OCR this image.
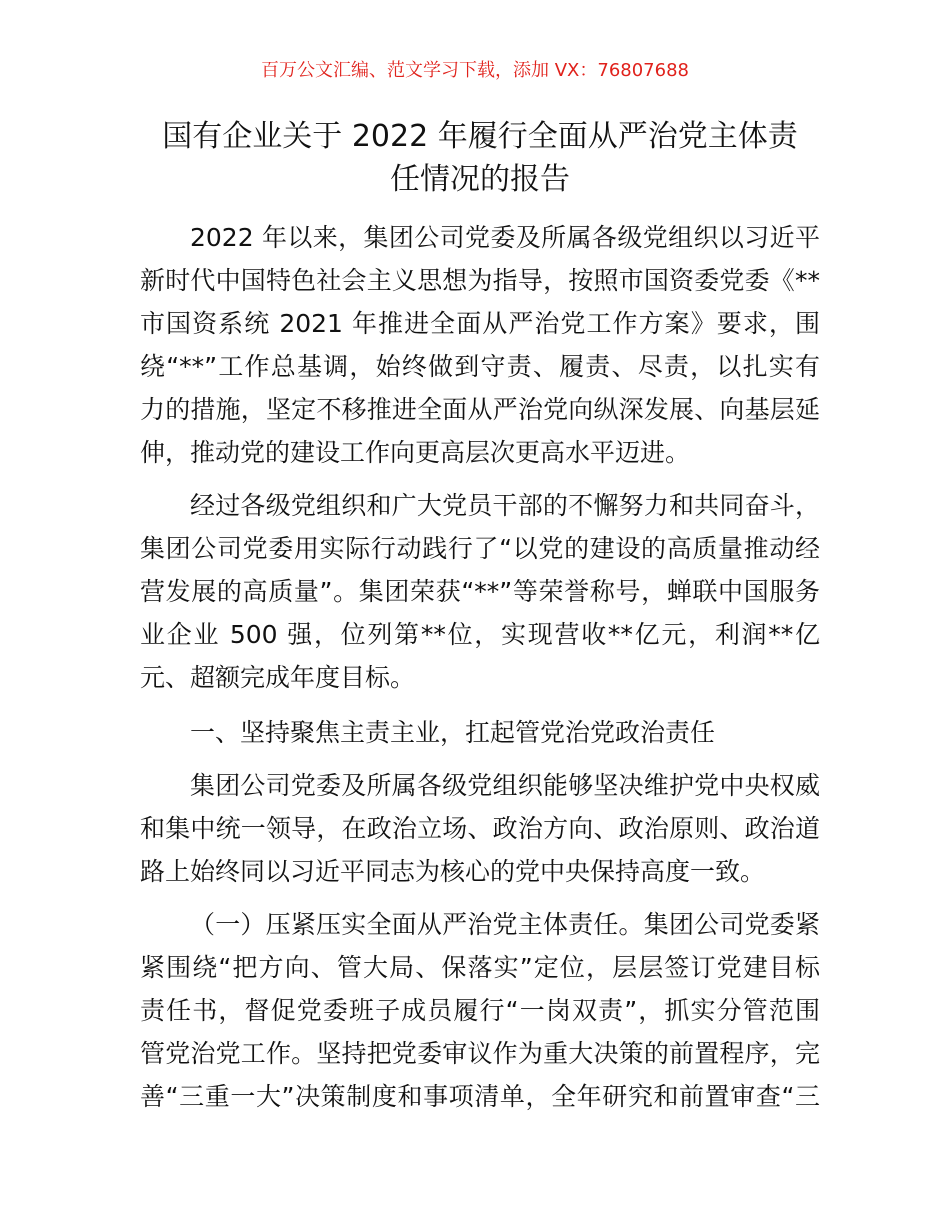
百万公文汇编、范文学习下载，添加 VX：76807688
国有企业关于 2022 年履行全面从严治党主体责
任情况的报告
2022 年以来，集团公司党委及所属各级党组织以习近平
新时代中国特色社会主义思想为指导，按照市国资委党委《**
市国资系统 2021 年推进全面从严治党工作方案》要求，围
绕“**”工作总基调，始终做到守责、履责、尽责，以扎实有
力的措施，坚定不移推进全面从严治党向纵深发展、向基层延
伸，推动党的建设工作向更高层次更高水平迈进。
经过各级党组织和广大党员干部的不懈努力和共同奋斗，
集团公司党委用实际行动践行了“以党的建设的高质量推动经
营发展的高质量”。集团荣获“**”等荣誉称号，蝉联中国服务
业企业 500 强，位列第**位，实现营收**亿元，利润**亿
元、超额完成年度目标。
一、坚持聚焦主责主业，扛起管党治党政治责任
集团公司党委及所属各级党组织能够坚决维护党中央权威
和集中统一领导，在政治立场、政治方向、政治原则、政治道
路上始终同以习近平同志为核心的党中央保持高度一致。
（一）压紧压实全面从严治党主体责任。集团公司党委紧
紧围绕“把方向、管大局、保落实”定位，层层签订党建目标
责任书，督促党委班子成员履行“一岗双责”，抓实分管范围
管党治党工作。坚持把党委审议作为重大决策的前置程序，完
善“三重一大”决策制度和事项清单，全年研究和前置审查“三
